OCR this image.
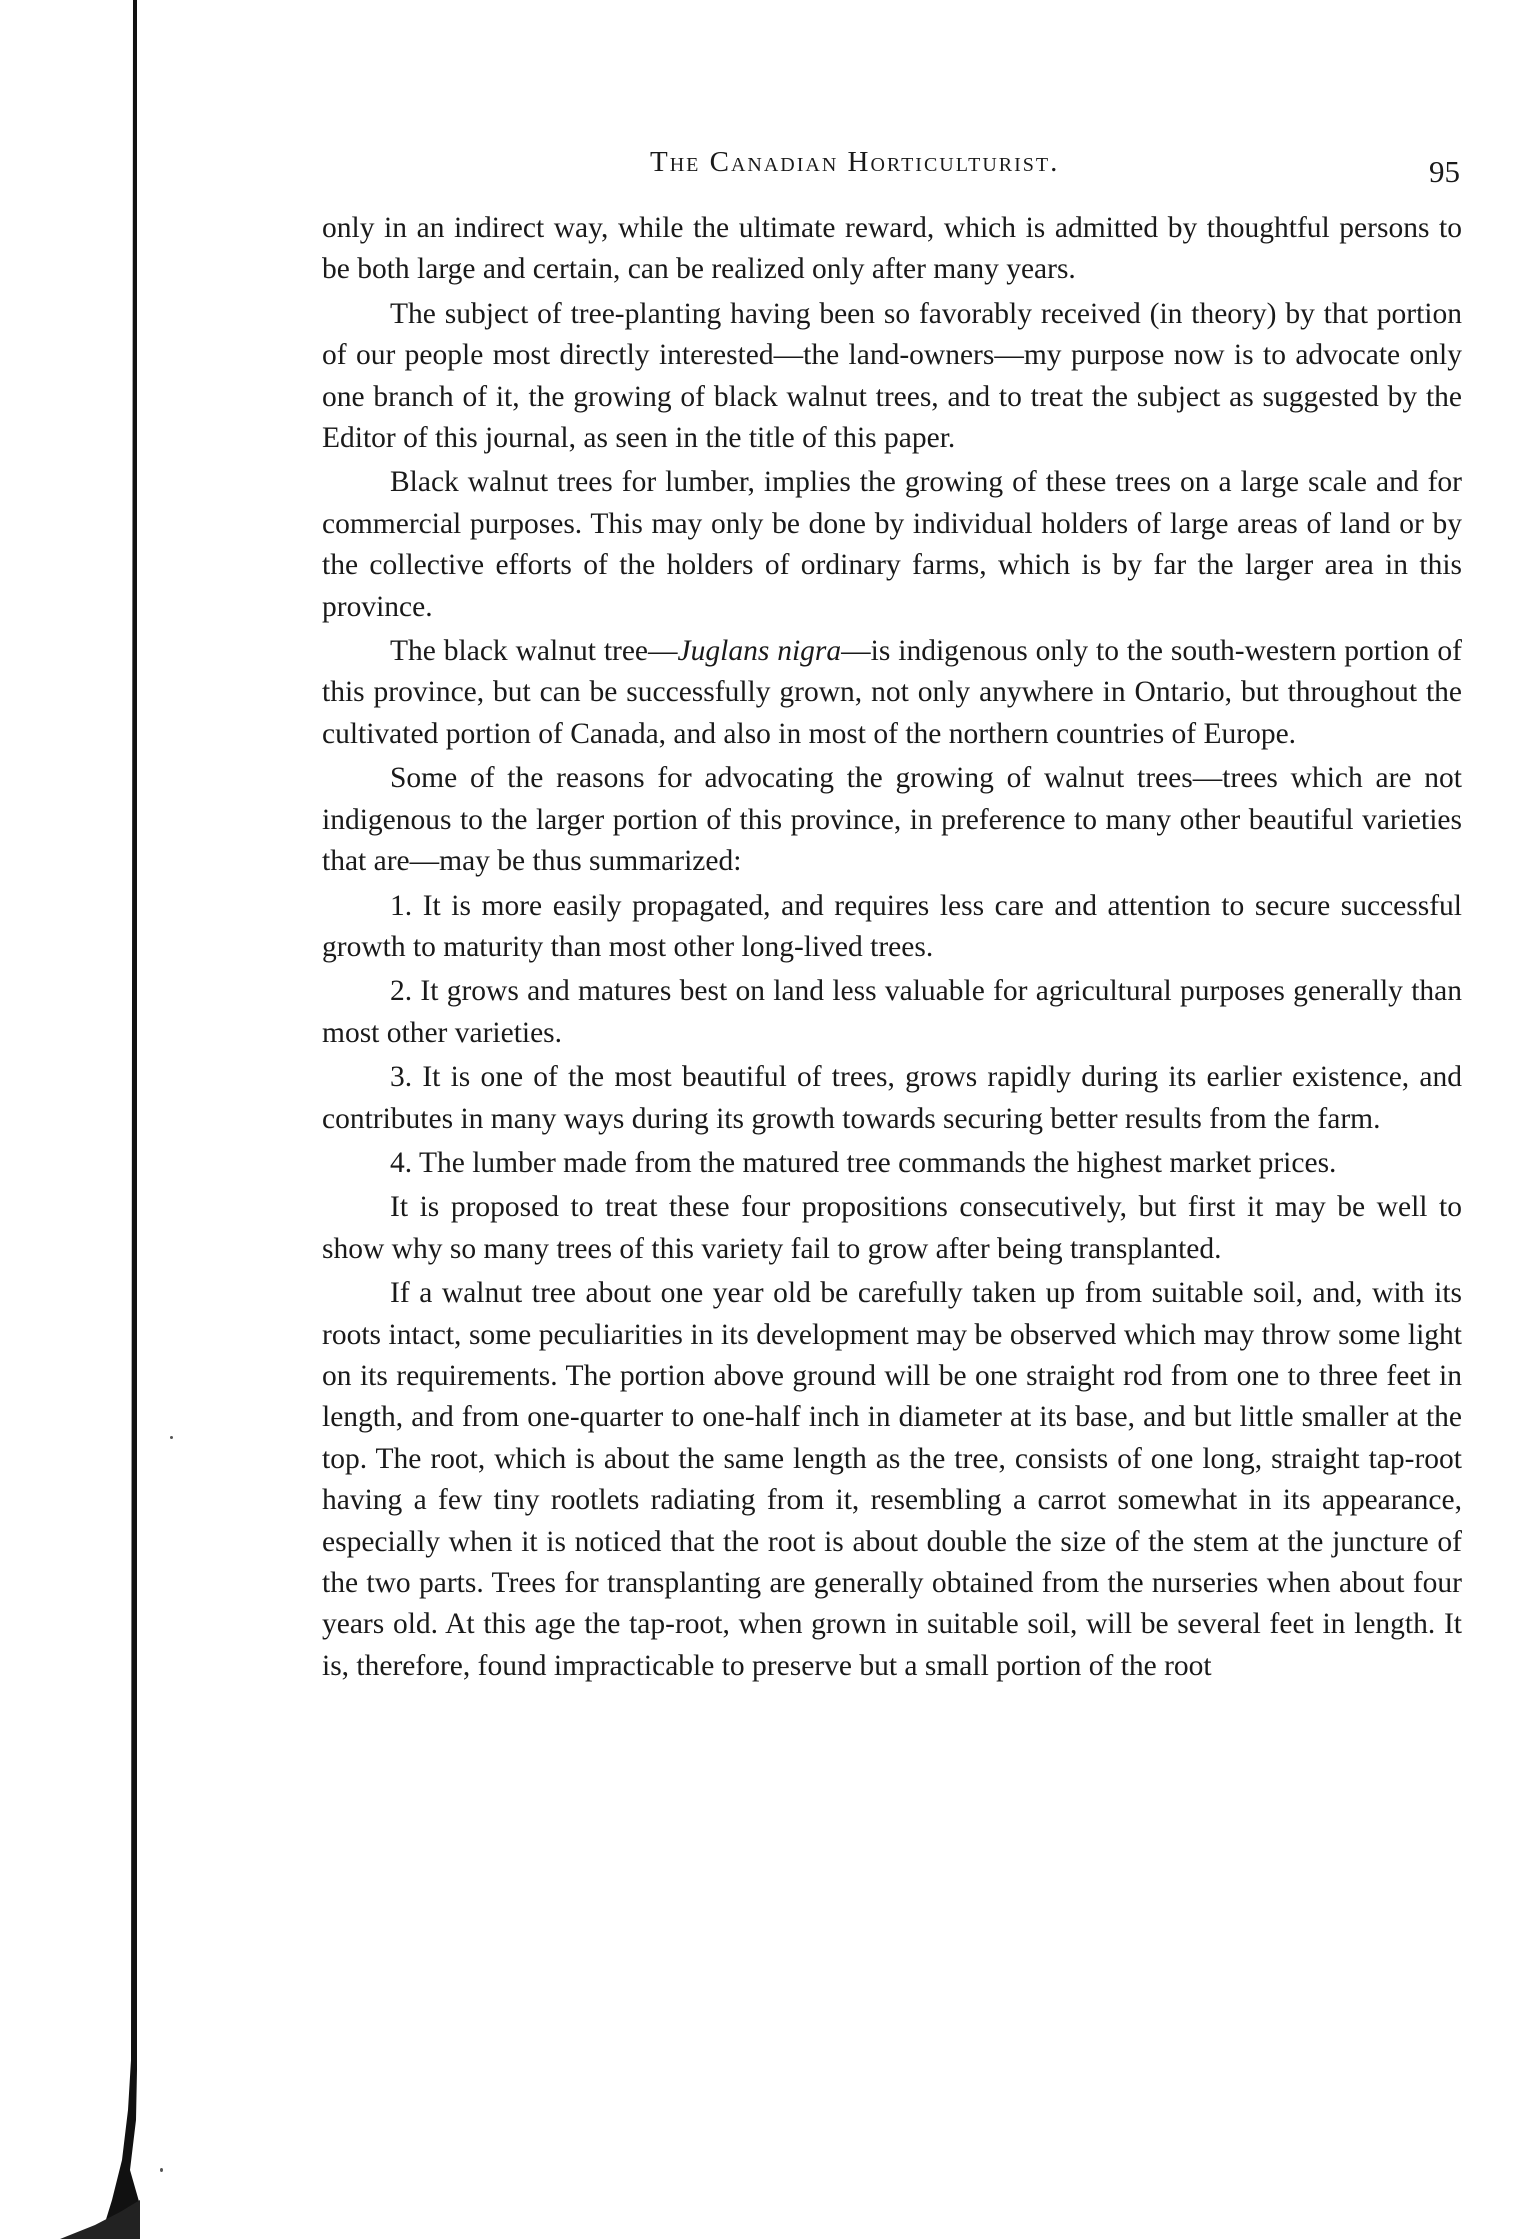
The Canadian Horticulturist.	95

only in an indirect way, while the ultimate reward, which is admitted by thoughtful persons to be both large and certain, can be realized only after many years.

The subject of tree-planting having been so favorably received (in theory) by that portion of our people most directly interested—the land-owners—my purpose now is to advocate only one branch of it, the growing of black walnut trees, and to treat the subject as suggested by the Editor of this journal, as seen in the title of this paper.

Black walnut trees for lumber, implies the growing of these trees on a large scale and for commercial purposes. This may only be done by individual holders of large areas of land or by the collective efforts of the holders of ordinary farms, which is by far the larger area in this province.

The black walnut tree—Juglans nigra—is indigenous only to the south-western portion of this province, but can be successfully grown, not only anywhere in Ontario, but throughout the cultivated portion of Canada, and also in most of the northern countries of Europe.

Some of the reasons for advocating the growing of walnut trees—trees which are not indigenous to the larger portion of this province, in preference to many other beautiful varieties that are—may be thus summarized:

1. It is more easily propagated, and requires less care and attention to secure successful growth to maturity than most other long-lived trees.

2. It grows and matures best on land less valuable for agricultural purposes generally than most other varieties.

3. It is one of the most beautiful of trees, grows rapidly during its earlier existence, and contributes in many ways during its growth towards securing better results from the farm.

4. The lumber made from the matured tree commands the highest market prices.

It is proposed to treat these four propositions consecutively, but first it may be well to show why so many trees of this variety fail to grow after being transplanted.

If a walnut tree about one year old be carefully taken up from suitable soil, and, with its roots intact, some peculiarities in its development may be observed which may throw some light on its requirements. The portion above ground will be one straight rod from one to three feet in length, and from one-quarter to one-half inch in diameter at its base, and but little smaller at the top. The root, which is about the same length as the tree, consists of one long, straight tap-root having a few tiny rootlets radiating from it, resembling a carrot somewhat in its appearance, especially when it is noticed that the root is about double the size of the stem at the juncture of the two parts. Trees for transplanting are generally obtained from the nurseries when about four years old. At this age the tap-root, when grown in suitable soil, will be several feet in length. It is, therefore, found impracticable to preserve but a small portion of the root
